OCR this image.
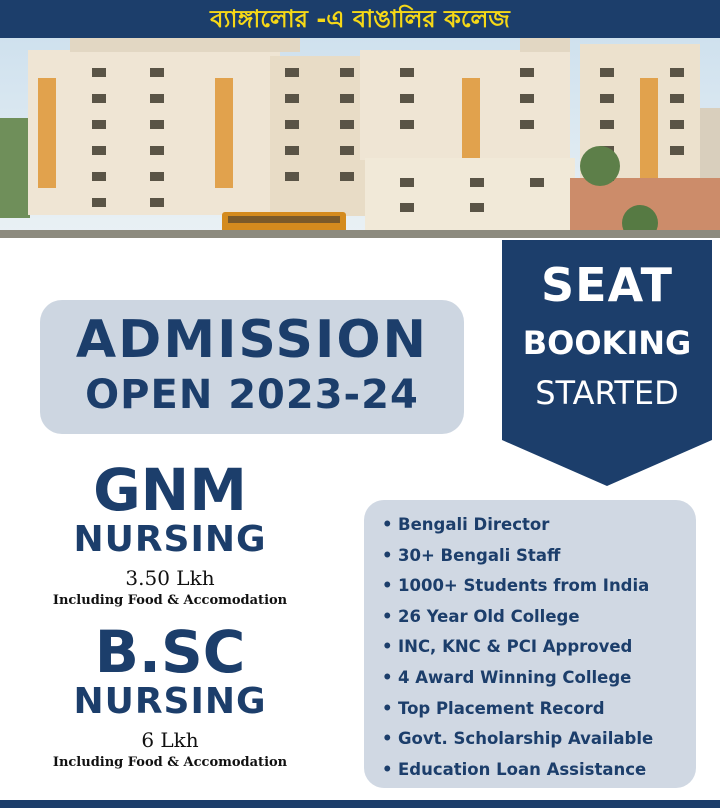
ব্যাঙ্গালোর -এ বাঙালির কলেজ
SEAT
BOOKING
STARTED
ADMISSION
OPEN 2023-24
GNM
NURSING
3.50 Lkh
Including Food & Accomodation
B.SC
NURSING
6 Lkh
Including Food & Accomodation
• Bengali Director
• 30+ Bengali Staff
• 1000+ Students from India
• 26 Year Old College
• INC, KNC & PCI Approved
• 4 Award Winning College
• Top Placement Record
• Govt. Scholarship Available
• Education Loan Assistance
